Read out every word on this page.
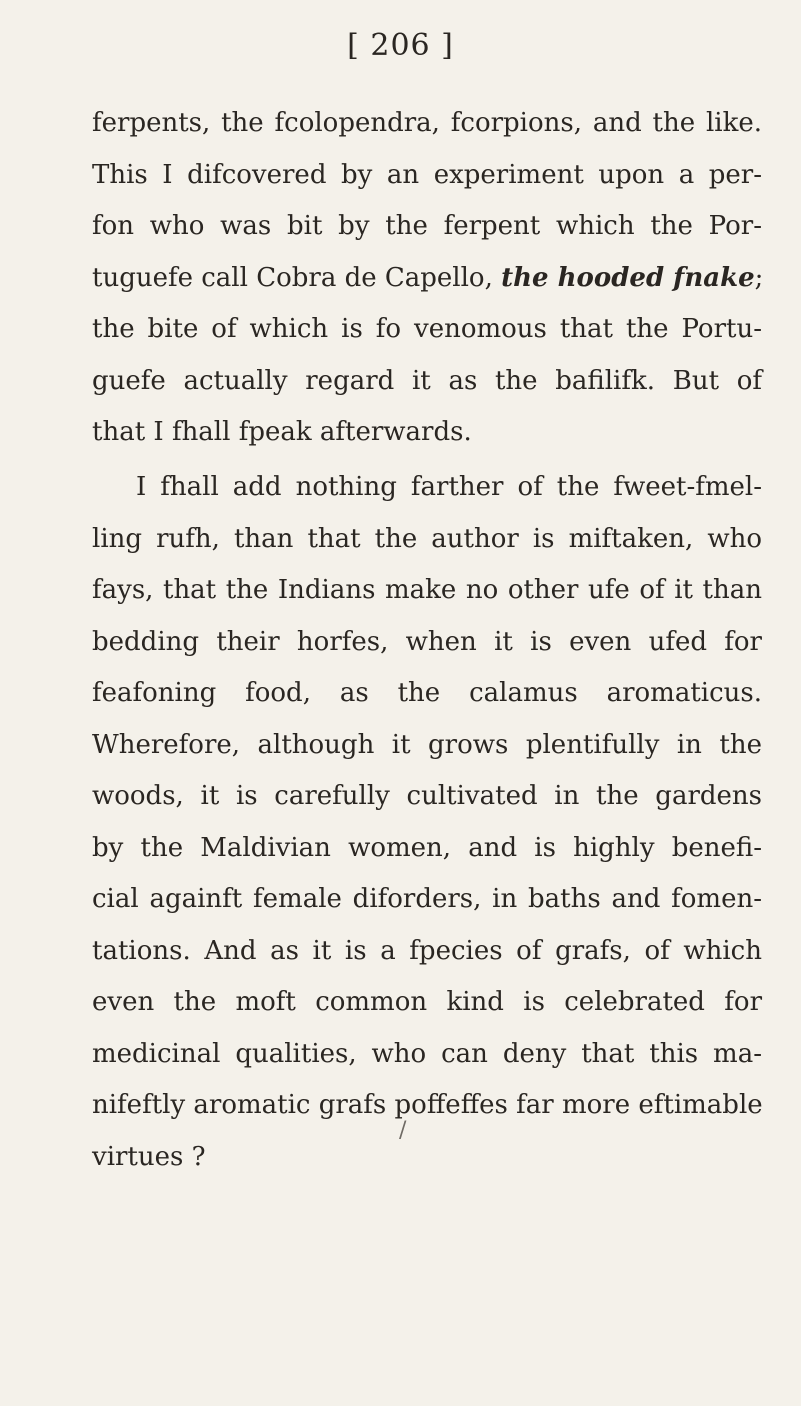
[ 206 ]
ferpents, the fcolopendra, fcorpions, and the like.
This I difcovered by an experiment upon a per-
fon who was bit by the ferpent which the Por-
tuguefe call Cobra de Capello, the hooded fnake;
the bite of which is fo venomous that the Portu-
guefe actually regard it as the bafilifk. But of
that I fhall fpeak afterwards.
I fhall add nothing farther of the fweet-fmel-
ling rufh, than that the author is miftaken, who
fays, that the Indians make no other ufe of it than
bedding their horfes, when it is even ufed for
feafoning food, as the calamus aromaticus.
Wherefore, although it grows plentifully in the
woods, it is carefully cultivated in the gardens
by the Maldivian women, and is highly benefi-
cial againft female diforders, in baths and fomen-
tations. And as it is a fpecies of grafs, of which
even the moft common kind is celebrated for
medicinal qualities, who can deny that this ma-
nifeftly aromatic grafs poffeffes far more eftimable
virtues ?
/
